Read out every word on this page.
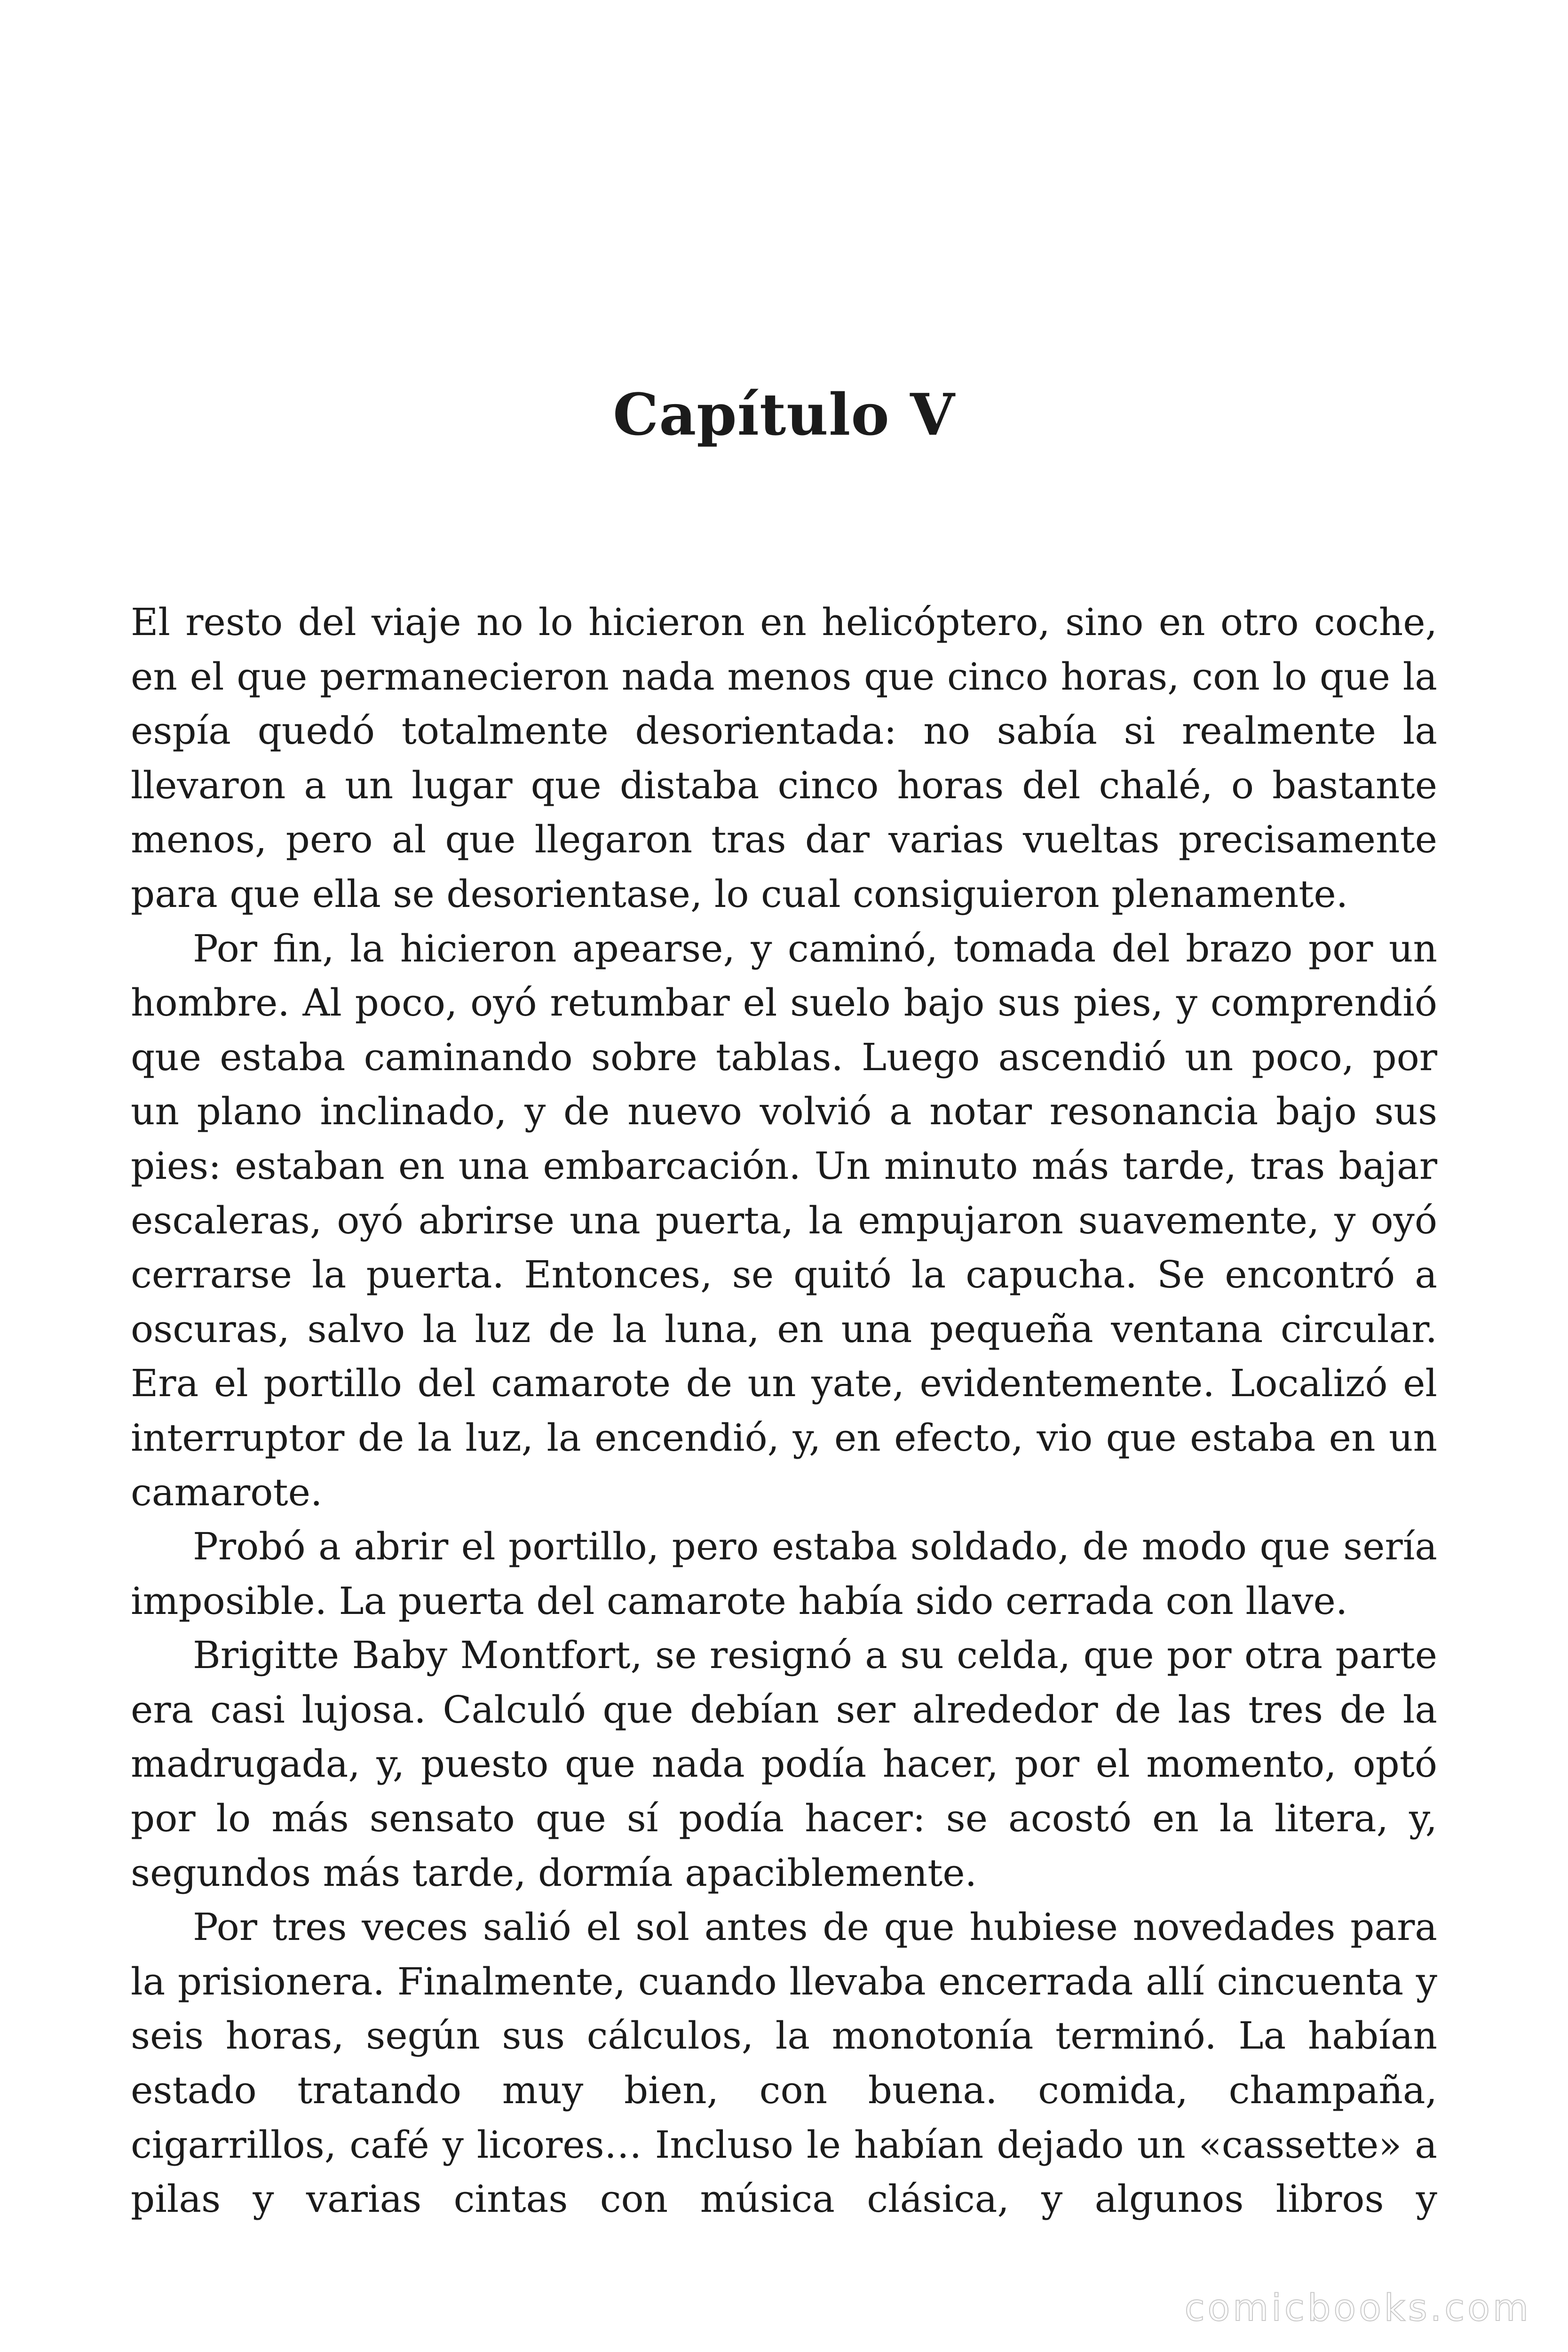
Capítulo V

El resto del viaje no lo hicieron en helicóptero, sino en otro coche, en el que permanecieron nada menos que cinco horas, con lo que la espía quedó totalmente desorientada: no sabía si realmente la llevaron a un lugar que distaba cinco horas del chalé, o bastante menos, pero al que llegaron tras dar varias vueltas precisamente para que ella se desorientase, lo cual consiguieron plenamente.

Por fin, la hicieron apearse, y caminó, tomada del brazo por un hombre. Al poco, oyó retumbar el suelo bajo sus pies, y comprendió que estaba caminando sobre tablas. Luego ascendió un poco, por un plano inclinado, y de nuevo volvió a notar resonancia bajo sus pies: estaban en una embarcación. Un minuto más tarde, tras bajar escaleras, oyó abrirse una puerta, la empujaron suavemente, y oyó cerrarse la puerta. Entonces, se quitó la capucha. Se encontró a oscuras, salvo la luz de la luna, en una pequeña ventana circular. Era el portillo del camarote de un yate, evidentemente. Localizó el interruptor de la luz, la encendió, y, en efecto, vio que estaba en un camarote.

Probó a abrir el portillo, pero estaba soldado, de modo que sería imposible. La puerta del camarote había sido cerrada con llave.

Brigitte Baby Montfort, se resignó a su celda, que por otra parte era casi lujosa. Calculó que debían ser alrededor de las tres de la madrugada, y, puesto que nada podía hacer, por el momento, optó por lo más sensato que sí podía hacer: se acostó en la litera, y, segundos más tarde, dormía apaciblemente.

Por tres veces salió el sol antes de que hubiese novedades para la prisionera. Finalmente, cuando llevaba encerrada allí cincuenta y seis horas, según sus cálculos, la monotonía terminó. La habían estado tratando muy bien, con buena. comida, champaña, cigarrillos, café y licores… Incluso le habían dejado un «cassette» a pilas y varias cintas con música clásica, y algunos libros y

comicbooks.com
